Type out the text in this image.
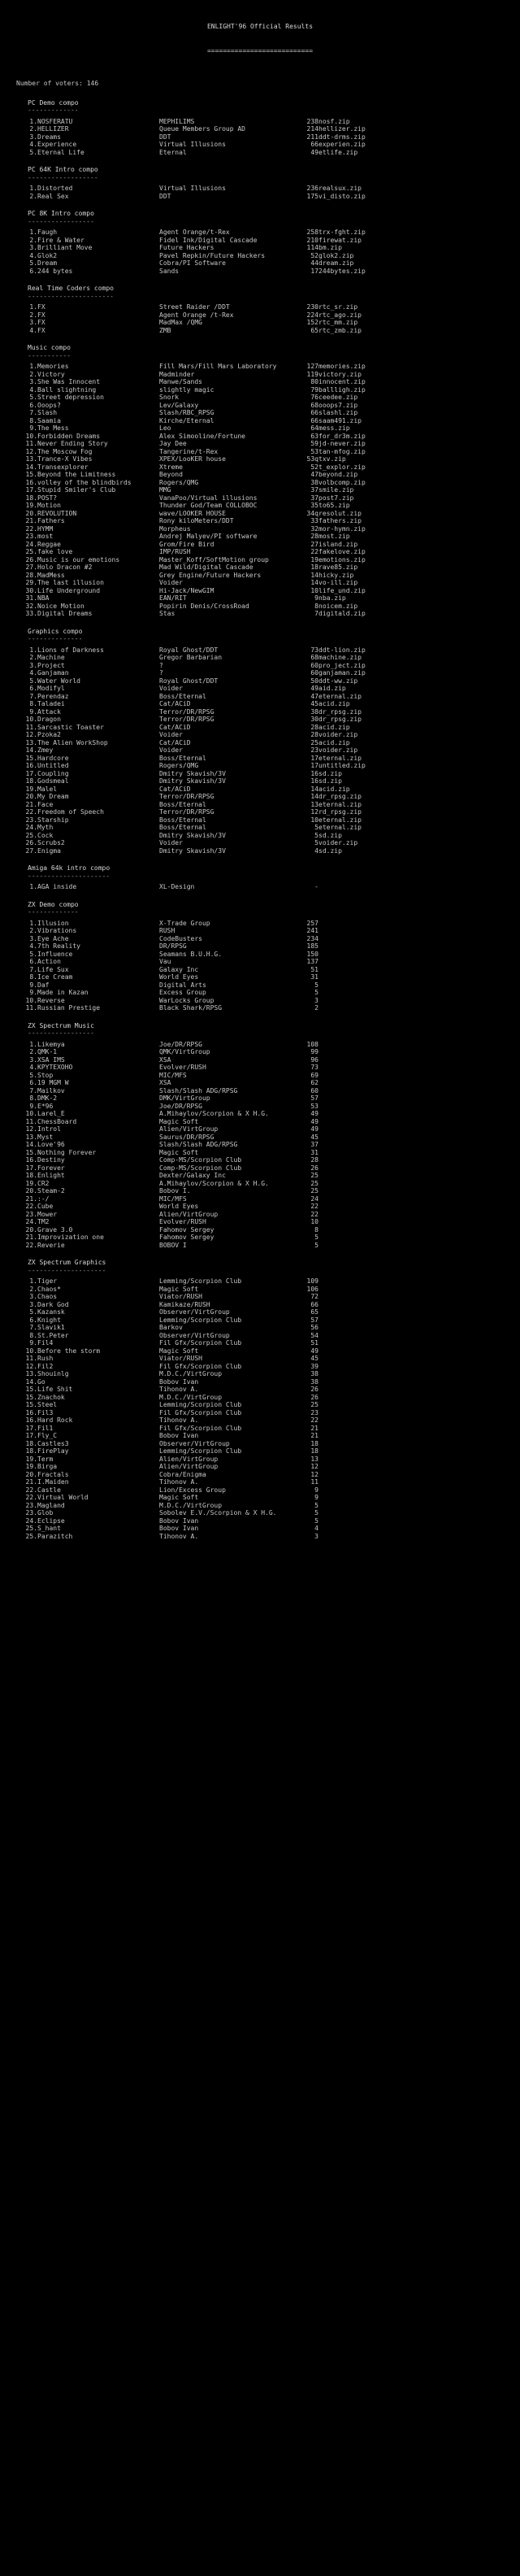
ENLIGHT'96 Official Results

===========================

Number of voters: 146
PC Demo compo
-------------
1.	NOSFERATU	MEPHILIMS	238	nosf.zip
2.	HELLIZER	Queue Members Group AD	214	hellizer.zip
3.	Dreams	DDT	211	ddt-drms.zip
4.	Experience	Virtual Illusions	66	experien.zip
5.	Eternal Life	Eternal	49	etlife.zip
PC 64K Intro compo
------------------
1.	Distorted	Virtual Illusions	236	realsux.zip
2.	Real Sex	DDT	175	vi_disto.zip
PC 8K Intro compo
-----------------
1.	Faugh	Agent Orange/t-Rex	258	trx-fght.zip
2.	Fire & Water	Fidel Ink/Digital Cascade	210	firewat.zip
3.	Brilliant Move	Future Hackers	114	bm.zip
4.	Glok2	Pavel Repkin/Future Hackers	52	glok2.zip
5.	Dream	Cobra/PI Software	44	dream.zip
6.	244 bytes	Sands	17	244bytes.zip
Real Time Coders compo
----------------------
1.	FX	Street Raider /DDT	230	rtc_sr.zip
2.	FX	Agent Orange /t-Rex	224	rtc_ago.zip
3.	FX	MadMax /QMG	152	rtc_mm.zip
4.	FX	ZMB	65	rtc_zmb.zip
Music compo
-----------
1.	Memories	Fill Mars/Fill Mars Laboratory	127	memories.zip
2.	Victory	Madminder	119	victory.zip
3.	She Was Innocent	Manwe/Sands	80	innocent.zip
4.	Ball slightning	slightly magic	79	ballligh.zip
5.	Street depression	Snork	76	ceedee.zip
6.	Ooops?	Lev/Galaxy	68	ooops7.zip
7.	Slash	Slash/RBC_RPSG	66	slashl.zip
8.	Saamia	Kirche/Eternal	66	saam491.zip
9.	The Mess	Leo	64	mess.zip
10.	Forbidden Dreams	Alex Simooline/Fortune	63	for_dr3m.zip
11.	Never Ending Story	Jay Dee	59	jd-never.zip
12.	The Moscow Fog	Tangerine/t-Rex	53	tan-mfog.zip
13.	Trance-X Vibes	XPEX/LooKER house	53q	txv.zip
14.	Transexplorer	Xtreme	52	t_explor.zip
15.	Beyond the Limitness	Beyond	47	beyond.zip
16.	volley of the blindbirds	Rogers/QMG	38	volbcomp.zip
17.	Stupid Smiler's Club	MMG	37	smile.zip
18.	POST?	VanaPoo/Virtual illusions	37	post7.zip
19.	Motion	Thunder God/Team COLLOBOC	35	to65.zip
20.	REVOLUTION	wave/LOOKER HOUSE	34q	resolut.zip
21.	Fathers	Rony kiloMeters/DDT	33	fathers.zip
22.	HYMM	Morpheus	32	mor-hymn.zip
23.	most	Andrej Malyev/PI software	28	most.zip
24.	Reggae	Grom/Fire Bird	27	island.zip
25.	fake love	IMP/RUSH	22	fakelove.zip
26.	Music is our emotions	Master_Koff/SoftMotion group	19	emotions.zip
27.	Holo Dracon #2	Mad Wild/Digital Cascade	18	rave85.zip
28.	MadMess	Grey Engine/Future Hackers	14	hicky.zip
29.	The last illusion	Voider	14	vo-ill.zip
30.	Life Underground	Hi-Jack/NewGIM	10	life_und.zip
31.	NBA	EAN/RIT	9	nba.zip
32.	Noice Motion	Popirin Denis/CrossRoad	8	noicem.zip
33.	Digital Dreams	Stas	7	digitald.zip
Graphics compo
--------------
1.	Lions of Darkness	Royal Ghost/DDT	73	ddt-lion.zip
2.	Machine	Gregor Barbarian	68	machine.zip
3.	Project	?	60	pro_ject.zip
4.	Ganjaman	?	60	ganjaman.zip
5.	Water World	Royal Ghost/DDT	50	ddt-ww.zip
6.	Modifyl	Voider	49	aid.zip
7.	Perendaz	Boss/Eternal	47	eternal.zip
8.	Taladei	Cat/ACiD	45	acid.zip
9.	Attack	Terror/DR/RPSG	38	dr_rpsg.zip
10.	Dragon	Terror/DR/RPSG	30	dr_rpsg.zip
11.	Sarcastic Toaster	Cat/ACiD	28	acid.zip
12.	Pzoka2	Voider	28	voider.zip
13.	The Alien WorkShop	Cat/ACiD	25	acid.zip
14.	Zmey	Voider	23	voider.zip
15.	Hardcore	Boss/Eternal	17	eternal.zip
16.	Untitled	Rogers/QMG	17	untitled.zip
17.	Coupling	Dmitry Skavish/3V	16	sd.zip
18.	Godsmeal	Dmitry Skavish/3V	16	sd.zip
19.	Malel	Cat/ACiD	14	acid.zip
20.	My Dream	Terror/DR/RPSG	14	dr_rpsg.zip
21.	Face	Boss/Eternal	13	eternal.zip
22.	Freedom of Speech	Terror/DR/RPSG	12	rd_rpsg.zip
23.	Starship	Boss/Eternal	10	eternal.zip
24.	Myth	Boss/Eternal	5	eternal.zip
25.	Cock	Dmitry Skavish/3V	5	sd.zip
26.	Scrubs2	Voider	5	voider.zip
27.	Enigma	Dmitry Skavish/3V	4	sd.zip
Amiga 64k intro compo
---------------------
1.	AGA inside	XL-Design	-	
ZX Demo compo
-------------
1.	Illusion	X-Trade Group	257	
2.	Vibrations	RUSH	241	
3.	Eye Ache	CodeBusters	234	
4.	7th Reality	DR/RPSG	185	
5.	Influence	Seamans B.U.H.G.	150	
6.	Action	Vau	137	
7.	Life Sux	Galaxy Inc	51	
8.	Ice Cream	World Eyes	31	
9.	Daf	Digital Arts	5	
9.	Made in Kazan	Excess Group	5	
10.	Reverse	WarLocks Group	3	
11.	Russian Prestige	Black Shark/RPSG	2	
ZX Spectrum Music
-----------------
1.	Likemya	Joe/DR/RPSG	108	
2.	QMK-1	QMK/VirtGroup	99	
3.	XSA IMS	XSA	96	
4.	KPYTEXOHO	Evolver/RUSH	73	
5.	Stop	MIC/MFS	69	
6.	19 MGM W	XSA	62	
7.	Mailkov	Slash/Slash ADG/RPSG	60	
8.	DMK-2	DMK/VirtGroup	57	
9.	E*96	Joe/DR/RPSG	53	
10.	Larel_E	A.Mihaylov/Scorpion & X H.G.	49	
11.	ChessBoard	Magic Soft	49	
12.	Introl	Alien/VirtGroup	49	
13.	Myst	Saurus/DR/RPSG	45	
14.	Love'96	Slash/Slash ADG/RPSG	37	
15.	Nothing Forever	Magic Soft	31	
16.	Destiny	Comp-MS/Scorpion Club	28	
17.	Forever	Comp-MS/Scorpion Club	26	
18.	Enlight	Dexter/Galaxy Inc	25	
19.	CR2	A.Mihaylov/Scorpion & X H.G.	25	
20.	Steam-2	Bobov I.	25	
21.	:-/	MIC/MFS	24	
22.	Cube	World Eyes	22	
23.	Mower	Alien/VirtGroup	22	
24.	TM2	Evolver/RUSH	10	
20.	Grave 3.0	Fahomov Sergey	8	
21.	Improvization one	Fahomov Sergey	5	
22.	Reverie	BOBOV I	5	
ZX Spectrum Graphics
--------------------
1.	Tiger	Lemming/Scorpion Club	109	
2.	Chaos*	Magic Soft	106	
3.	Chaos	Viator/RUSH	72	
3.	Dark God	Kamikaze/RUSH	66	
5.	Kazansk	Observer/VirtGroup	65	
6.	Knight	Lemming/Scorpion Club	57	
7.	Slavik1	Barkov	56	
8.	St.Peter	Observer/VirtGroup	54	
9.	Fil4	Fil Gfx/Scorpion Club	51	
10.	Before the storm	Magic Soft	49	
11.	Rush	Viator/RUSH	45	
12.	Fil2	Fil Gfx/Scorpion Club	39	
13.	Shouinlg	M.D.C./VirtGroup	38	
14.	Go	Bobov Ivan	38	
15.	Life Shit	Tihonov A.	26	
15.	Znachok	M.D.C./VirtGroup	26	
15.	Steel	Lemming/Scorpion Club	25	
16.	Fil3	Fil Gfx/Scorpion Club	23	
16.	Hard Rock	Tihonov A.	22	
17.	Fil1	Fil Gfx/Scorpion Club	21	
17.	Fly_C	Bobov Ivan	21	
18.	Castles3	Observer/VirtGroup	18	
18.	FirePlay	Lemming/Scorpion Club	18	
19.	Term	Alien/VirtGroup	13	
19.	Birga	Alien/VirtGroup	12	
20.	Fractals	Cobra/Enigma	12	
21.	I.Maiden	Tihonov A.	11	
22.	Castle	Lion/Excess Group	9	
22.	Virtual World	Magic Soft	9	
23.	Magland	M.D.C./VirtGroup	5	
23.	Glob	Sobolev E.V./Scorpion & X H.G.	5	
24.	Eclipse	Bobov Ivan	5	
25.	S_hant	Bobov Ivan	4	
25.	Parazitch	Tihonov A.	3	
